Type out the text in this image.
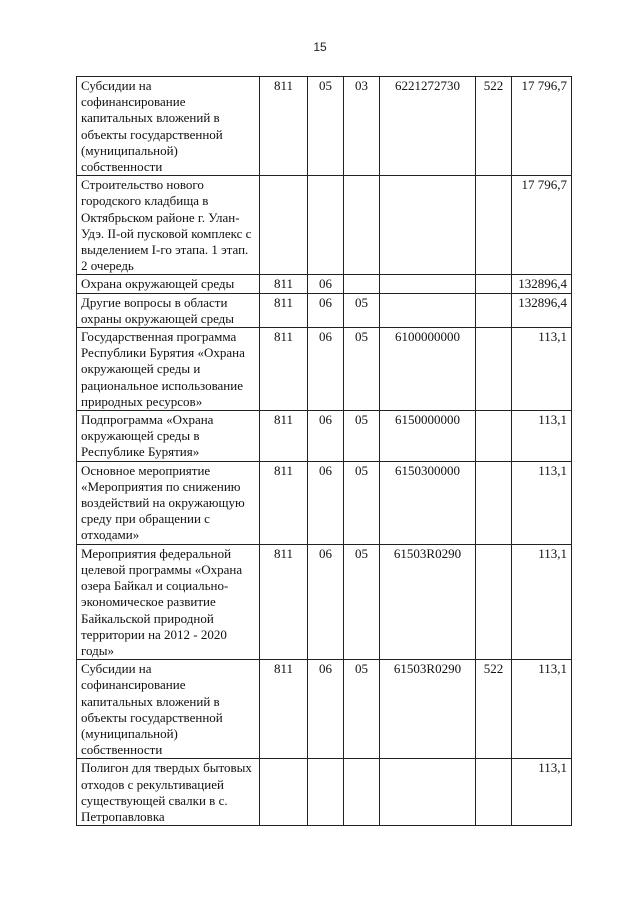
15
Субсидии на софинансирование капитальных вложений в объекты государственной (муниципальной) собственности	811	05	03	6221272730	522	17 796,7
Строительство нового городского кладбища в Октябрьском районе г. Улан-Удэ. II-ой пусковой комплекс с выделением I-го этапа. 1 этап. 2 очередь						17 796,7
Охрана окружающей среды	811	06				132896,4
Другие вопросы в области охраны окружающей среды	811	06	05			132896,4
Государственная программа Республики Бурятия «Охрана окружающей среды и рациональное использование природных ресурсов»	811	06	05	6100000000		113,1
Подпрограмма «Охрана окружающей среды в Республике Бурятия»	811	06	05	6150000000		113,1
Основное мероприятие «Мероприятия по снижению воздействий на окружающую среду при обращении с отходами»	811	06	05	6150300000		113,1
Мероприятия федеральной целевой программы «Охрана озера Байкал и социально-экономическое развитие Байкальской природной территории на 2012 - 2020 годы»	811	06	05	61503R0290		113,1
Субсидии на софинансирование капитальных вложений в объекты государственной (муниципальной) собственности	811	06	05	61503R0290	522	113,1
Полигон для твердых бытовых отходов с рекультивацией существующей свалки в с. Петропавловка						113,1
